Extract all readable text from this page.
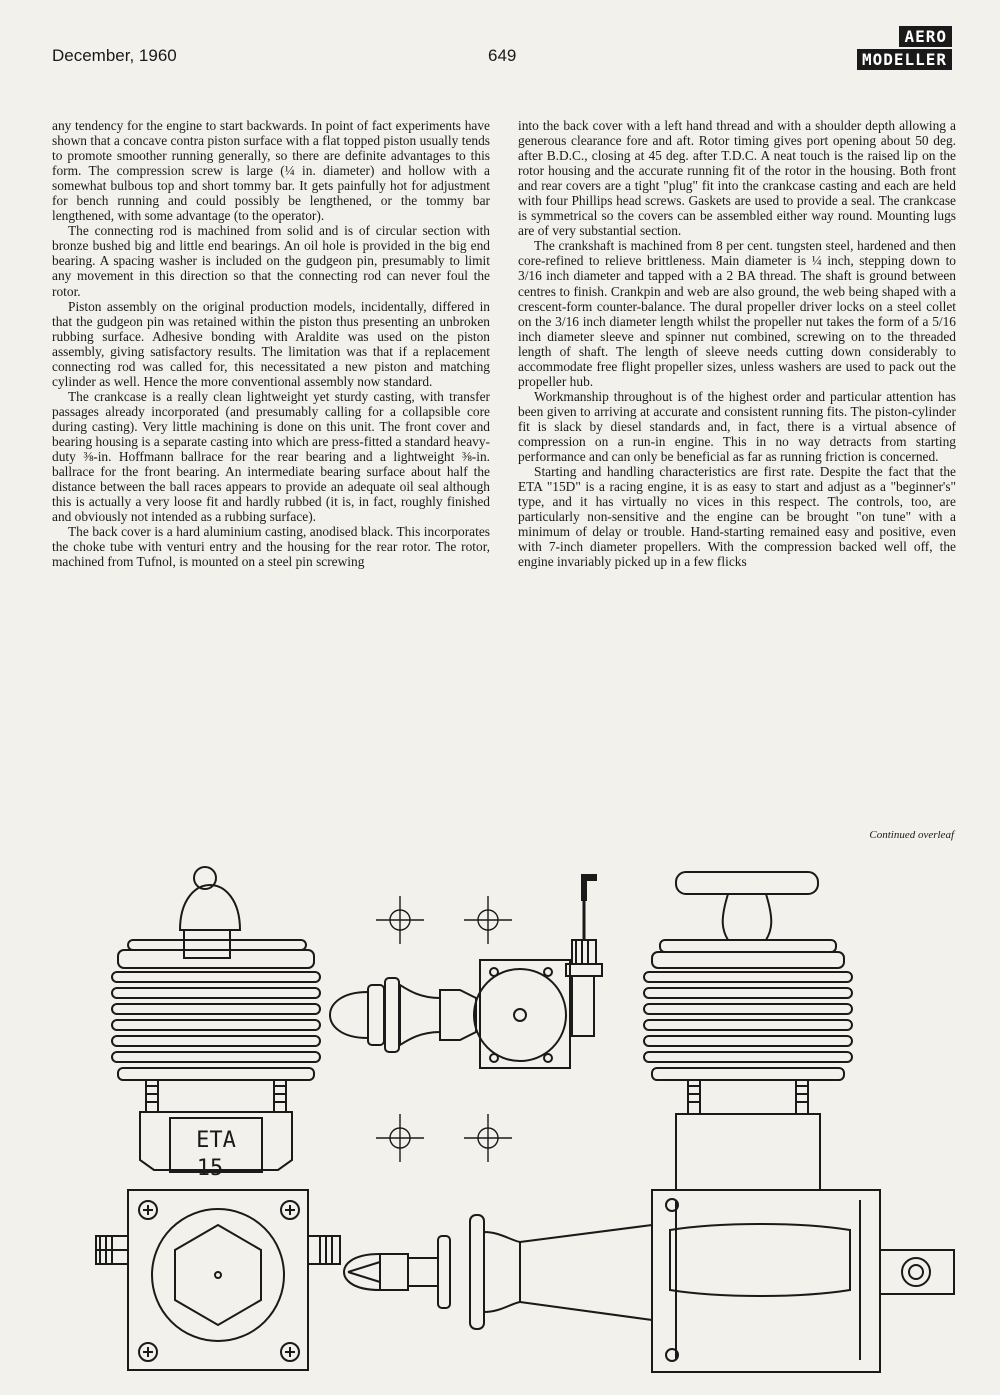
December, 1960	649
AERO
MODELLER

any tendency for the engine to start backwards. In point of fact experiments have shown that a concave contra piston surface with a flat topped piston usually tends to promote smoother running generally, so there are definite advantages to this form. The compression screw is large (¼ in. diameter) and hollow with a somewhat bulbous top and short tommy bar. It gets painfully hot for adjustment for bench running and could possibly be lengthened, or the tommy bar lengthened, with some advantage (to the operator).

The connecting rod is machined from solid and is of circular section with bronze bushed big and little end bearings. An oil hole is provided in the big end bearing. A spacing washer is included on the gudgeon pin, presumably to limit any movement in this direction so that the connecting rod can never foul the rotor.

Piston assembly on the original production models, incidentally, differed in that the gudgeon pin was retained within the piston thus presenting an unbroken rubbing surface. Adhesive bonding with Araldite was used on the piston assembly, giving satisfactory results. The limitation was that if a replacement connecting rod was called for, this necessitated a new piston and matching cylinder as well. Hence the more conventional assembly now standard.

The crankcase is a really clean lightweight yet sturdy casting, with transfer passages already incorporated (and presumably calling for a collapsible core during casting). Very little machining is done on this unit. The front cover and bearing housing is a separate casting into which are press-fitted a standard heavy-duty ⅜-in. Hoffmann ballrace for the rear bearing and a lightweight ⅜-in. ballrace for the front bearing. An intermediate bearing surface about half the distance between the ball races appears to provide an adequate oil seal although this is actually a very loose fit and hardly rubbed (it is, in fact, roughly finished and obviously not intended as a rubbing surface).

The back cover is a hard aluminium casting, anodised black. This incorporates the choke tube with venturi entry and the housing for the rear rotor. The rotor, machined from Tufnol, is mounted on a steel pin screwing

into the back cover with a left hand thread and with a shoulder depth allowing a generous clearance fore and aft. Rotor timing gives port opening about 50 deg. after B.D.C., closing at 45 deg. after T.D.C. A neat touch is the raised lip on the rotor housing and the accurate running fit of the rotor in the housing. Both front and rear covers are a tight "plug" fit into the crankcase casting and each are held with four Phillips head screws. Gaskets are used to provide a seal. The crankcase is symmetrical so the covers can be assembled either way round. Mounting lugs are of very substantial section.

The crankshaft is machined from 8 per cent. tungsten steel, hardened and then core-refined to relieve brittleness. Main diameter is ¼ inch, stepping down to 3/16 inch diameter and tapped with a 2 BA thread. The shaft is ground between centres to finish. Crankpin and web are also ground, the web being shaped with a crescent-form counter-balance. The dural propeller driver locks on a steel collet on the 3/16 inch diameter length whilst the propeller nut takes the form of a 5/16 inch diameter sleeve and spinner nut combined, screwing on to the threaded length of shaft. The length of sleeve needs cutting down considerably to accommodate free flight propeller sizes, unless washers are used to pack out the propeller hub.

Workmanship throughout is of the highest order and particular attention has been given to arriving at accurate and consistent running fits. The piston-cylinder fit is slack by diesel standards and, in fact, there is a virtual absence of compression on a run-in engine. This in no way detracts from starting performance and can only be beneficial as far as running friction is concerned.

Starting and handling characteristics are first rate. Despite the fact that the ETA "15D" is a racing engine, it is as easy to start and adjust as a "beginner's" type, and it has virtually no vices in this respect. The controls, too, are particularly non-sensitive and the engine can be brought "on tune" with a minimum of delay or trouble. Hand-starting remained easy and positive, even with 7-inch diameter propellers. With the compression backed well off, the engine invariably picked up in a few flicks

Continued overleaf
ETA
15
